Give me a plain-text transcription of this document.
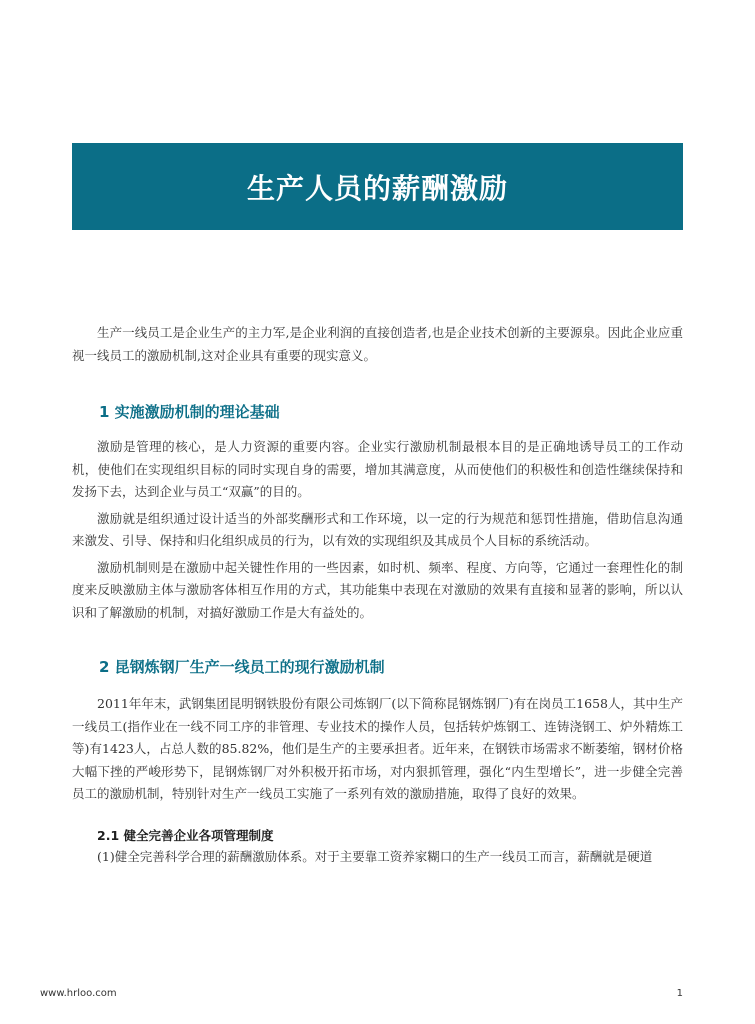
生产人员的薪酬激励

生产一线员工是企业生产的主力军,是企业利润的直接创造者,也是企业技术创新的主要源泉。因此企业应重视一线员工的激励机制,这对企业具有重要的现实意义。

1 实施激励机制的理论基础

激励是管理的核心，是人力资源的重要内容。企业实行激励机制最根本目的是正确地诱导员工的工作动机，使他们在实现组织目标的同时实现自身的需要，增加其满意度，从而使他们的积极性和创造性继续保持和发扬下去，达到企业与员工“双赢”的目的。

激励就是组织通过设计适当的外部奖酬形式和工作环境，以一定的行为规范和惩罚性措施，借助信息沟通来激发、引导、保持和归化组织成员的行为，以有效的实现组织及其成员个人目标的系统活动。

激励机制则是在激励中起关键性作用的一些因素，如时机、频率、程度、方向等，它通过一套理性化的制度来反映激励主体与激励客体相互作用的方式，其功能集中表现在对激励的效果有直接和显著的影响，所以认识和了解激励的机制，对搞好激励工作是大有益处的。

2 昆钢炼钢厂生产一线员工的现行激励机制

2011年年末，武钢集团昆明钢铁股份有限公司炼钢厂(以下简称昆钢炼钢厂)有在岗员工1658人，其中生产一线员工(指作业在一线不同工序的非管理、专业技术的操作人员，包括转炉炼钢工、连铸浇钢工、炉外精炼工等)有1423人，占总人数的85.82%，他们是生产的主要承担者。近年来，在钢铁市场需求不断萎缩，钢材价格大幅下挫的严峻形势下，昆钢炼钢厂对外积极开拓市场，对内狠抓管理，强化“内生型增长”，进一步健全完善员工的激励机制，特别针对生产一线员工实施了一系列有效的激励措施，取得了良好的效果。

2.1 健全完善企业各项管理制度

(1)健全完善科学合理的薪酬激励体系。对于主要靠工资养家糊口的生产一线员工而言，薪酬就是硬道

www.hrloo.com	1
